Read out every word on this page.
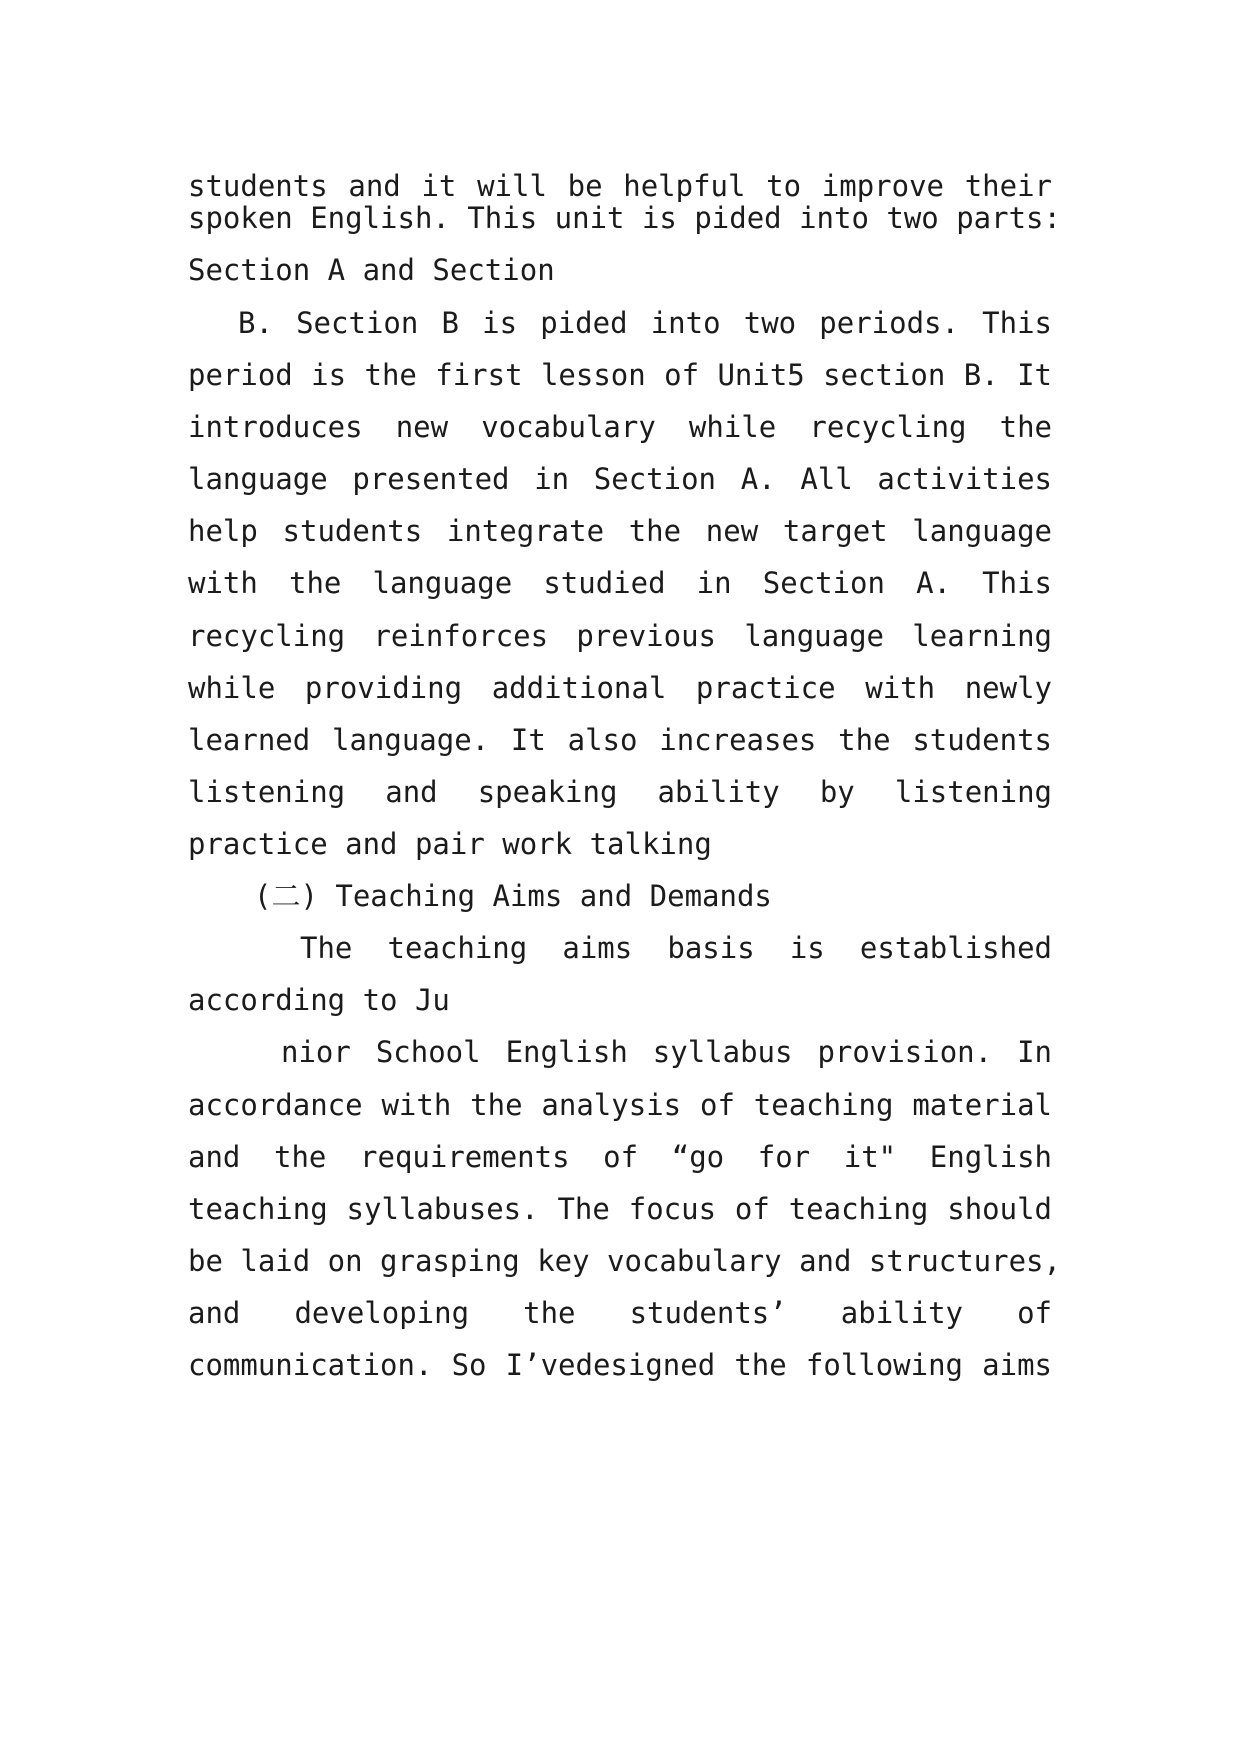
students and it will be helpful to improve their
spoken English. This unit is pided into two parts:
Section A and Section
B. Section B is pided into two periods. This
period is the first lesson of Unit5 section B. It
introduces new vocabulary while recycling the
language presented in Section A. All activities
help students integrate the new target language
with the language studied in Section A. This
recycling reinforces previous language learning
while providing additional practice with newly
learned language. It also increases the students
listening and speaking ability by listening
practice and pair work talking
(二) Teaching Aims and Demands
The teaching aims basis is established
according to Ju
nior School English syllabus provision. In
accordance with the analysis of teaching material
and the requirements of “go for it" English
teaching syllabuses. The focus of teaching should
be laid on grasping key vocabulary and structures,
and developing the students’ ability of
communication. So I’vedesigned the following aims
